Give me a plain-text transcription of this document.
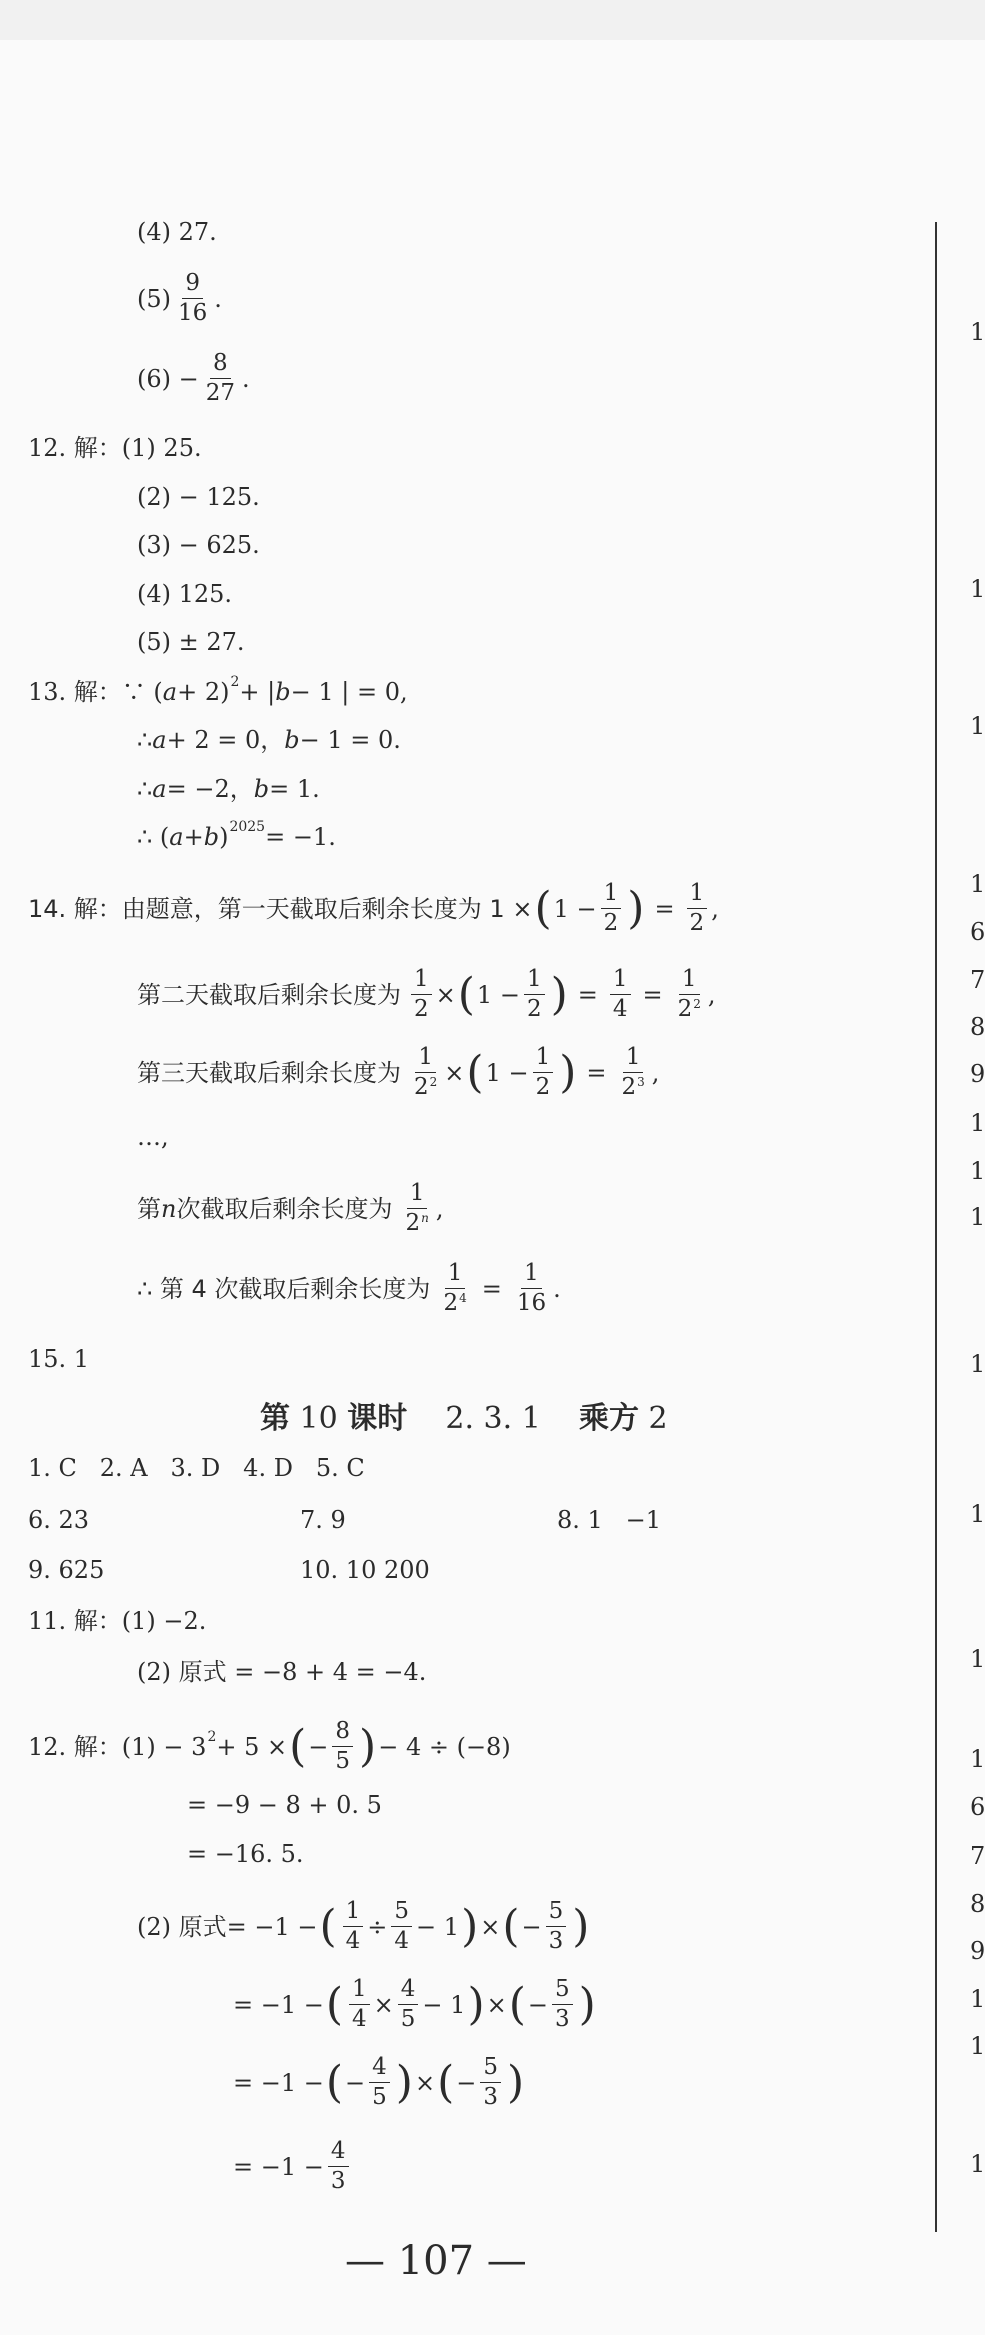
(4) 27.
$(5) \frac{9}{16}$ .
$(6) - \frac{8}{27}$ .
12. 解：(1) 25.
(2) − 125.
(3) − 625.
(4) 125.
(5) ± 27.
13. 解：∵ ( a + 2) 2 + | b − 1 | = 0,
∴ a + 2 = 0， b − 1 = 0.
∴ a = −2， b = 1.
∴ ( a + b ) 2025 = −1.
14. 解：由题意，第一天截取后剩余长度为 1 × ( $1 - \frac{1}{2}$ ) = $\frac{1}{2}$ ,
第二天截取后剩余长度为 $\frac{1}{2}$ × ( $1 - \frac{1}{2}$ ) = $\frac{1}{4} = \frac{1}{2^2}$ ,
第三天截取后剩余长度为 $\frac{1}{2^2}$ × ( $1 - \frac{1}{2}$ ) = $\frac{1}{2^3}$ ,
…,
第 n 次截取后剩余长度为 $\frac{1}{2^n}$ ,
∴ 第 4 次截取后剩余长度为 $\frac{1}{2^4} = \frac{1}{16}$ .
15. 1
第 10 课时    2. 3. 1    乘方 2
1. C   2. A   3. D   4. D   5. C
6. 23	7. 9	8. 1   −1
9. 625	10. 10 200
11. 解：(1) −2.
(2) 原式 = −8 + 4 = −4.
12. 解：(1) − 3 2 + 5 × ( − $\frac{8}{5}$ ) − 4 ÷ (−8)
= −9 − 8 + 0. 5
= −16. 5.
(2) 原式= −1 − ( $\frac{1}{4} \div \frac{5}{4} - 1$ ) × ( − $\frac{5}{3}$ )
= −1 − ( $\frac{1}{4} \times \frac{4}{5} - 1$ ) × ( − $\frac{5}{3}$ )
= −1 − ( − $\frac{4}{5}$ ) × ( − $\frac{5}{3}$ )
= $-1 - \frac{4}{3}$
1
1
1
1
6
7
8
9
1
1
1
1
1
1
1
6
7
8
9
1
1
1
— 107 —
